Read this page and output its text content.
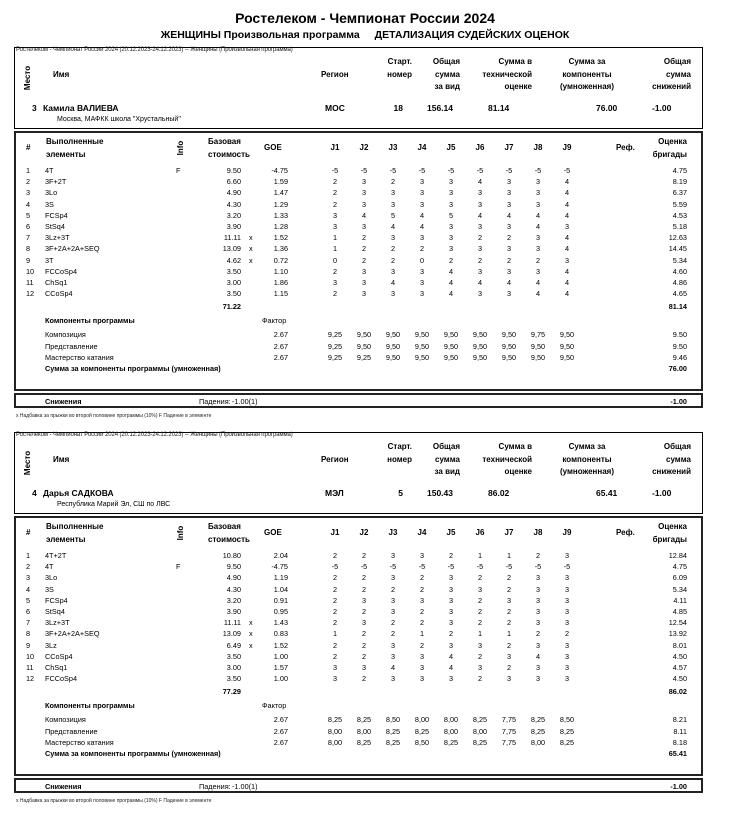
Ростелеком - Чемпионат России 2024
ЖЕНЩИНЫ Произвольная программа ДЕТАЛИЗАЦИЯ СУДЕЙСКИХ ОЦЕНОК
Ростелеком - Чемпионат России 2024 (20.12.2023-24.12.2023) -- Женщины (Произвольная программа)
Место	Имя	Регион
Старт.
номер
Общая
сумма
за вид
Сумма в
технической
оценке
Сумма за
компоненты
(умноженная)
Общая
сумма
снижений
3 Камила ВАЛИЕВА
Москва, МАФКК школа "Хрустальный"
МОС	18	156.14	81.14	76.00	-1.00
Выполненные
элементы
#	Info	Базовая
стоимость
GOE	J1	J2	J3	J4	J5	J6	J7	J8	J9	Реф.
Оценка
бригады
1 4T	F	9.50	-4.75	-5	-5	-5	-5	-5	-5	-5	-5	-5	4.75
2 3F+2T	6.60	1.59	2	3	2	3	3	4	3	3	4	8.19
3 3Lo	4.90	1.47	2	3	3	3	3	3	3	3	4	6.37
4 3S	4.30	1.29	2	3	3	3	3	3	3	3	4	5.59
5 FCSp4	3.20	1.33	3	4	5	4	5	4	4	4	4	4.53
6 StSq4	3.90	1.28	3	3	4	4	3	3	3	4	3	5.18
7 3Lz+3T	11.11 x	1.52	1	2	3	3	3	2	2	3	4	12.63
8 3F+2A+2A+SEQ	13.09 x	1.36	1	2	2	2	3	3	3	3	4	14.45
9 3T	4.62 x	0.72	0	2	2	0	2	2	2	2	3	5.34
10 FCCoSp4	3.50	1.10	2	3	3	3	4	3	3	3	4	4.60
11 ChSq1	3.00	1.86	3	3	4	3	4	4	4	4	4	4.86
12 CCoSp4	3.50	1.15	2	3	3	3	4	3	3	4	4	4.65
71.22	81.14
Компоненты программы	Фактор
Композиция	2.67	9,25	9,50	9,50	9,50	9,50	9,50	9,50	9,75	9,50	9.50
Представление	2.67	9,25	9,50	9,50	9,50	9,50	9,50	9,50	9,50	9,50	9.50
Мастерство катания	2.67	9,25	9,25	9,50	9,50	9,50	9,50	9,50	9,50	9,50	9.46
Сумма за компоненты программы (умноженная)	76.00
Снижения	Падения: -1.00(1)	-1.00
x Надбавка за прыжки во второй половине программы (10%) F Падение в элементе
Ростелеком - Чемпионат России 2024 (20.12.2023-24.12.2023) -- Женщины (Произвольная программа)
Место	Имя	Регион
Старт.
номер
Общая
сумма
за вид
Сумма в
технической
оценке
Сумма за
компоненты
(умноженная)
Общая
сумма
снижений
4 Дарья САДКОВА
Республика Марий Эл, СШ по ЛВС
МЭЛ	5	150.43	86.02	65.41	-1.00
Выполненные
элементы
#	Info	Базовая
стоимость
GOE	J1	J2	J3	J4	J5	J6	J7	J8	J9	Реф.
Оценка
бригады
1 4T+2T	10.80	2.04	2	2	3	3	2	1	1	2	3	12.84
2 4T	F	9.50	-4.75	-5	-5	-5	-5	-5	-5	-5	-5	-5	4.75
3 3Lo	4.90	1.19	2	2	3	2	3	2	2	3	3	6.09
4 3S	4.30	1.04	2	2	2	2	3	3	2	3	3	5.34
5 FCSp4	3.20	0.91	2	3	3	3	3	2	3	3	3	4.11
6 StSq4	3.90	0.95	2	2	3	2	3	2	2	3	3	4.85
7 3Lz+3T	11.11 x	1.43	2	3	2	2	3	2	2	3	3	12.54
8 3F+2A+2A+SEQ	13.09 x	0.83	1	2	2	1	2	1	1	2	2	13.92
9 3Lz	6.49 x	1.52	2	2	3	2	3	3	2	3	3	8.01
10 CCoSp4	3.50	1.00	2	2	3	3	4	2	3	4	3	4.50
11 ChSq1	3.00	1.57	3	3	4	3	4	3	2	3	3	4.57
12 FCCoSp4	3.50	1.00	3	2	3	3	3	2	3	3	3	4.50
77.29	86.02
Компоненты программы	Фактор
Композиция	2.67	8,25	8,25	8,50	8,00	8,00	8,25	7,75	8,25	8,50	8.21
Представление	2.67	8,00	8,00	8,25	8,25	8,00	8,00	7,75	8,25	8,25	8.11
Мастерство катания	2.67	8,00	8,25	8,25	8,50	8,25	8,25	7,75	8,00	8,25	8.18
Сумма за компоненты программы (умноженная)	65.41
Снижения	Падения: -1.00(1)	-1.00
x Надбавка за прыжки во второй половине программы (10%) F Падение в элементе
